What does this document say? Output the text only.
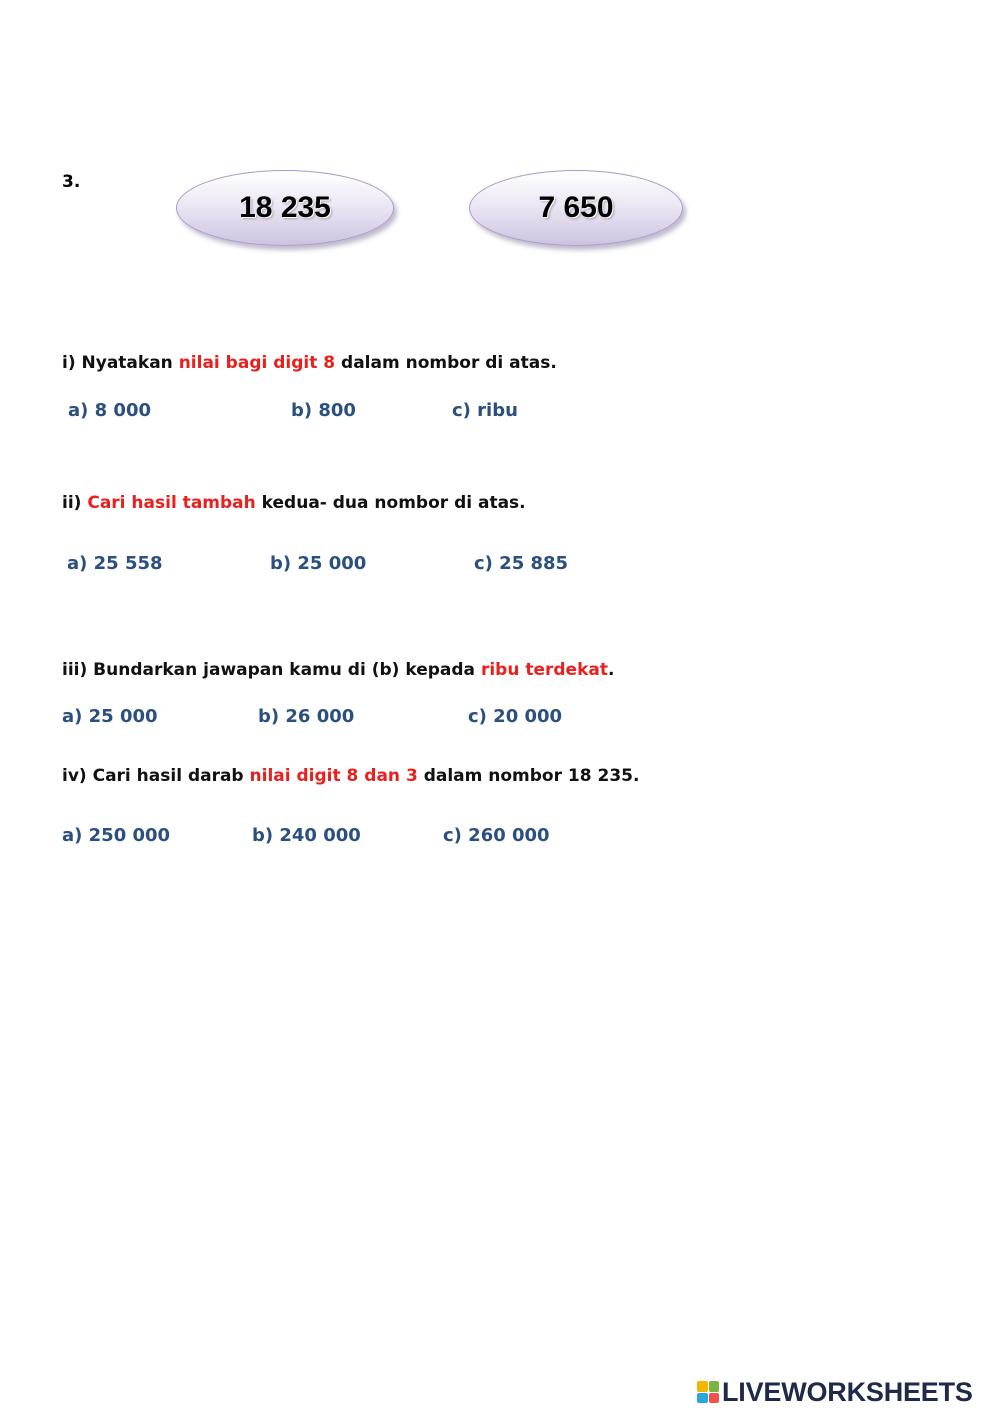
3.
18 235	7 650
i) Nyatakan nilai bagi digit 8 dalam nombor di atas.
a) 8 000	b) 800	c) ribu
ii) Cari hasil tambah kedua- dua nombor di atas.
a) 25 558	b) 25 000	c) 25 885
iii) Bundarkan jawapan kamu di (b) kepada ribu terdekat.
a) 25 000	b) 26 000	c) 20 000
iv) Cari hasil darab nilai digit 8 dan 3 dalam nombor 18 235.
a) 250 000	b) 240 000	c) 260 000
LIVEWORKSHEETS
